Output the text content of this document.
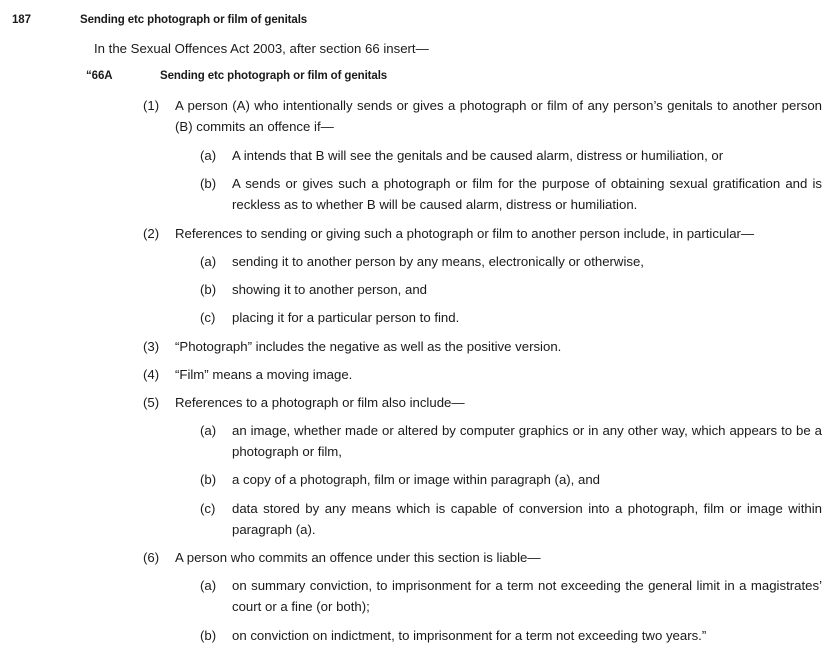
187	Sending etc photograph or film of genitals
In the Sexual Offences Act 2003, after section 66 insert—
“66A	Sending etc photograph or film of genitals
(1) A person (A) who intentionally sends or gives a photograph or film of any person’s genitals to another person (B) commits an offence if—
(a) A intends that B will see the genitals and be caused alarm, distress or humiliation, or
(b) A sends or gives such a photograph or film for the purpose of obtaining sexual gratification and is reckless as to whether B will be caused alarm, distress or humiliation.
(2) References to sending or giving such a photograph or film to another person include, in particular—
(a) sending it to another person by any means, electronically or otherwise,
(b) showing it to another person, and
(c) placing it for a particular person to find.
(3) “Photograph” includes the negative as well as the positive version.
(4) “Film” means a moving image.
(5) References to a photograph or film also include—
(a) an image, whether made or altered by computer graphics or in any other way, which appears to be a photograph or film,
(b) a copy of a photograph, film or image within paragraph (a), and
(c) data stored by any means which is capable of conversion into a photograph, film or image within paragraph (a).
(6) A person who commits an offence under this section is liable—
(a) on summary conviction, to imprisonment for a term not exceeding the general limit in a magistrates’ court or a fine (or both);
(b) on conviction on indictment, to imprisonment for a term not exceeding two years.”
